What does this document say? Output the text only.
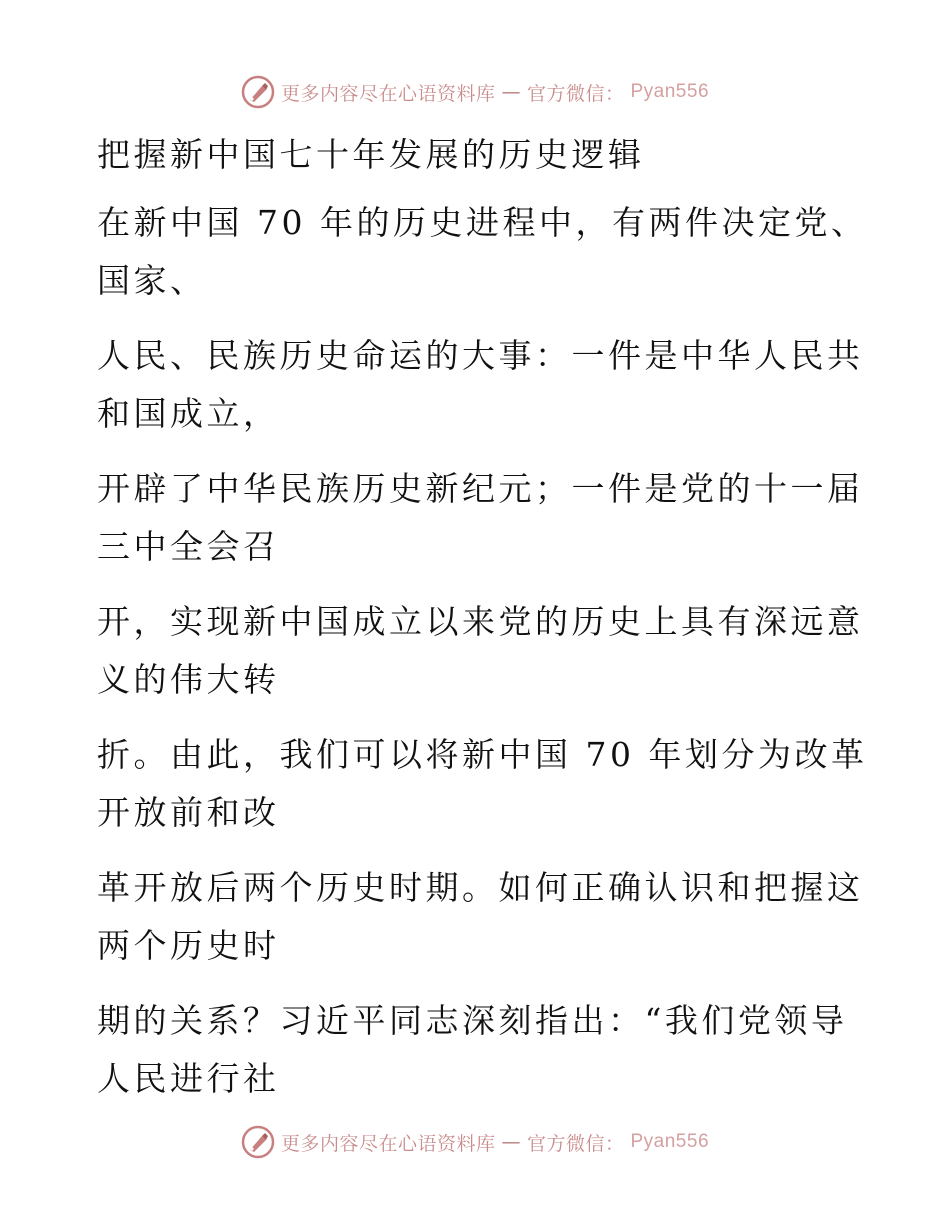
更多内容尽在心语资料库 — 官方微信： Pyan556
把握新中国七十年发展的历史逻辑
在新中国 70 年的历史进程中，有两件决定党、
国家、
人民、民族历史命运的大事：一件是中华人民共
和国成立，
开辟了中华民族历史新纪元；一件是党的十一届
三中全会召
开，实现新中国成立以来党的历史上具有深远意
义的伟大转
折。由此，我们可以将新中国 70 年划分为改革
开放前和改
革开放后两个历史时期。如何正确认识和把握这
两个历史时
期的关系？习近平同志深刻指出：“我们党领导
人民进行社
更多内容尽在心语资料库 — 官方微信： Pyan556
